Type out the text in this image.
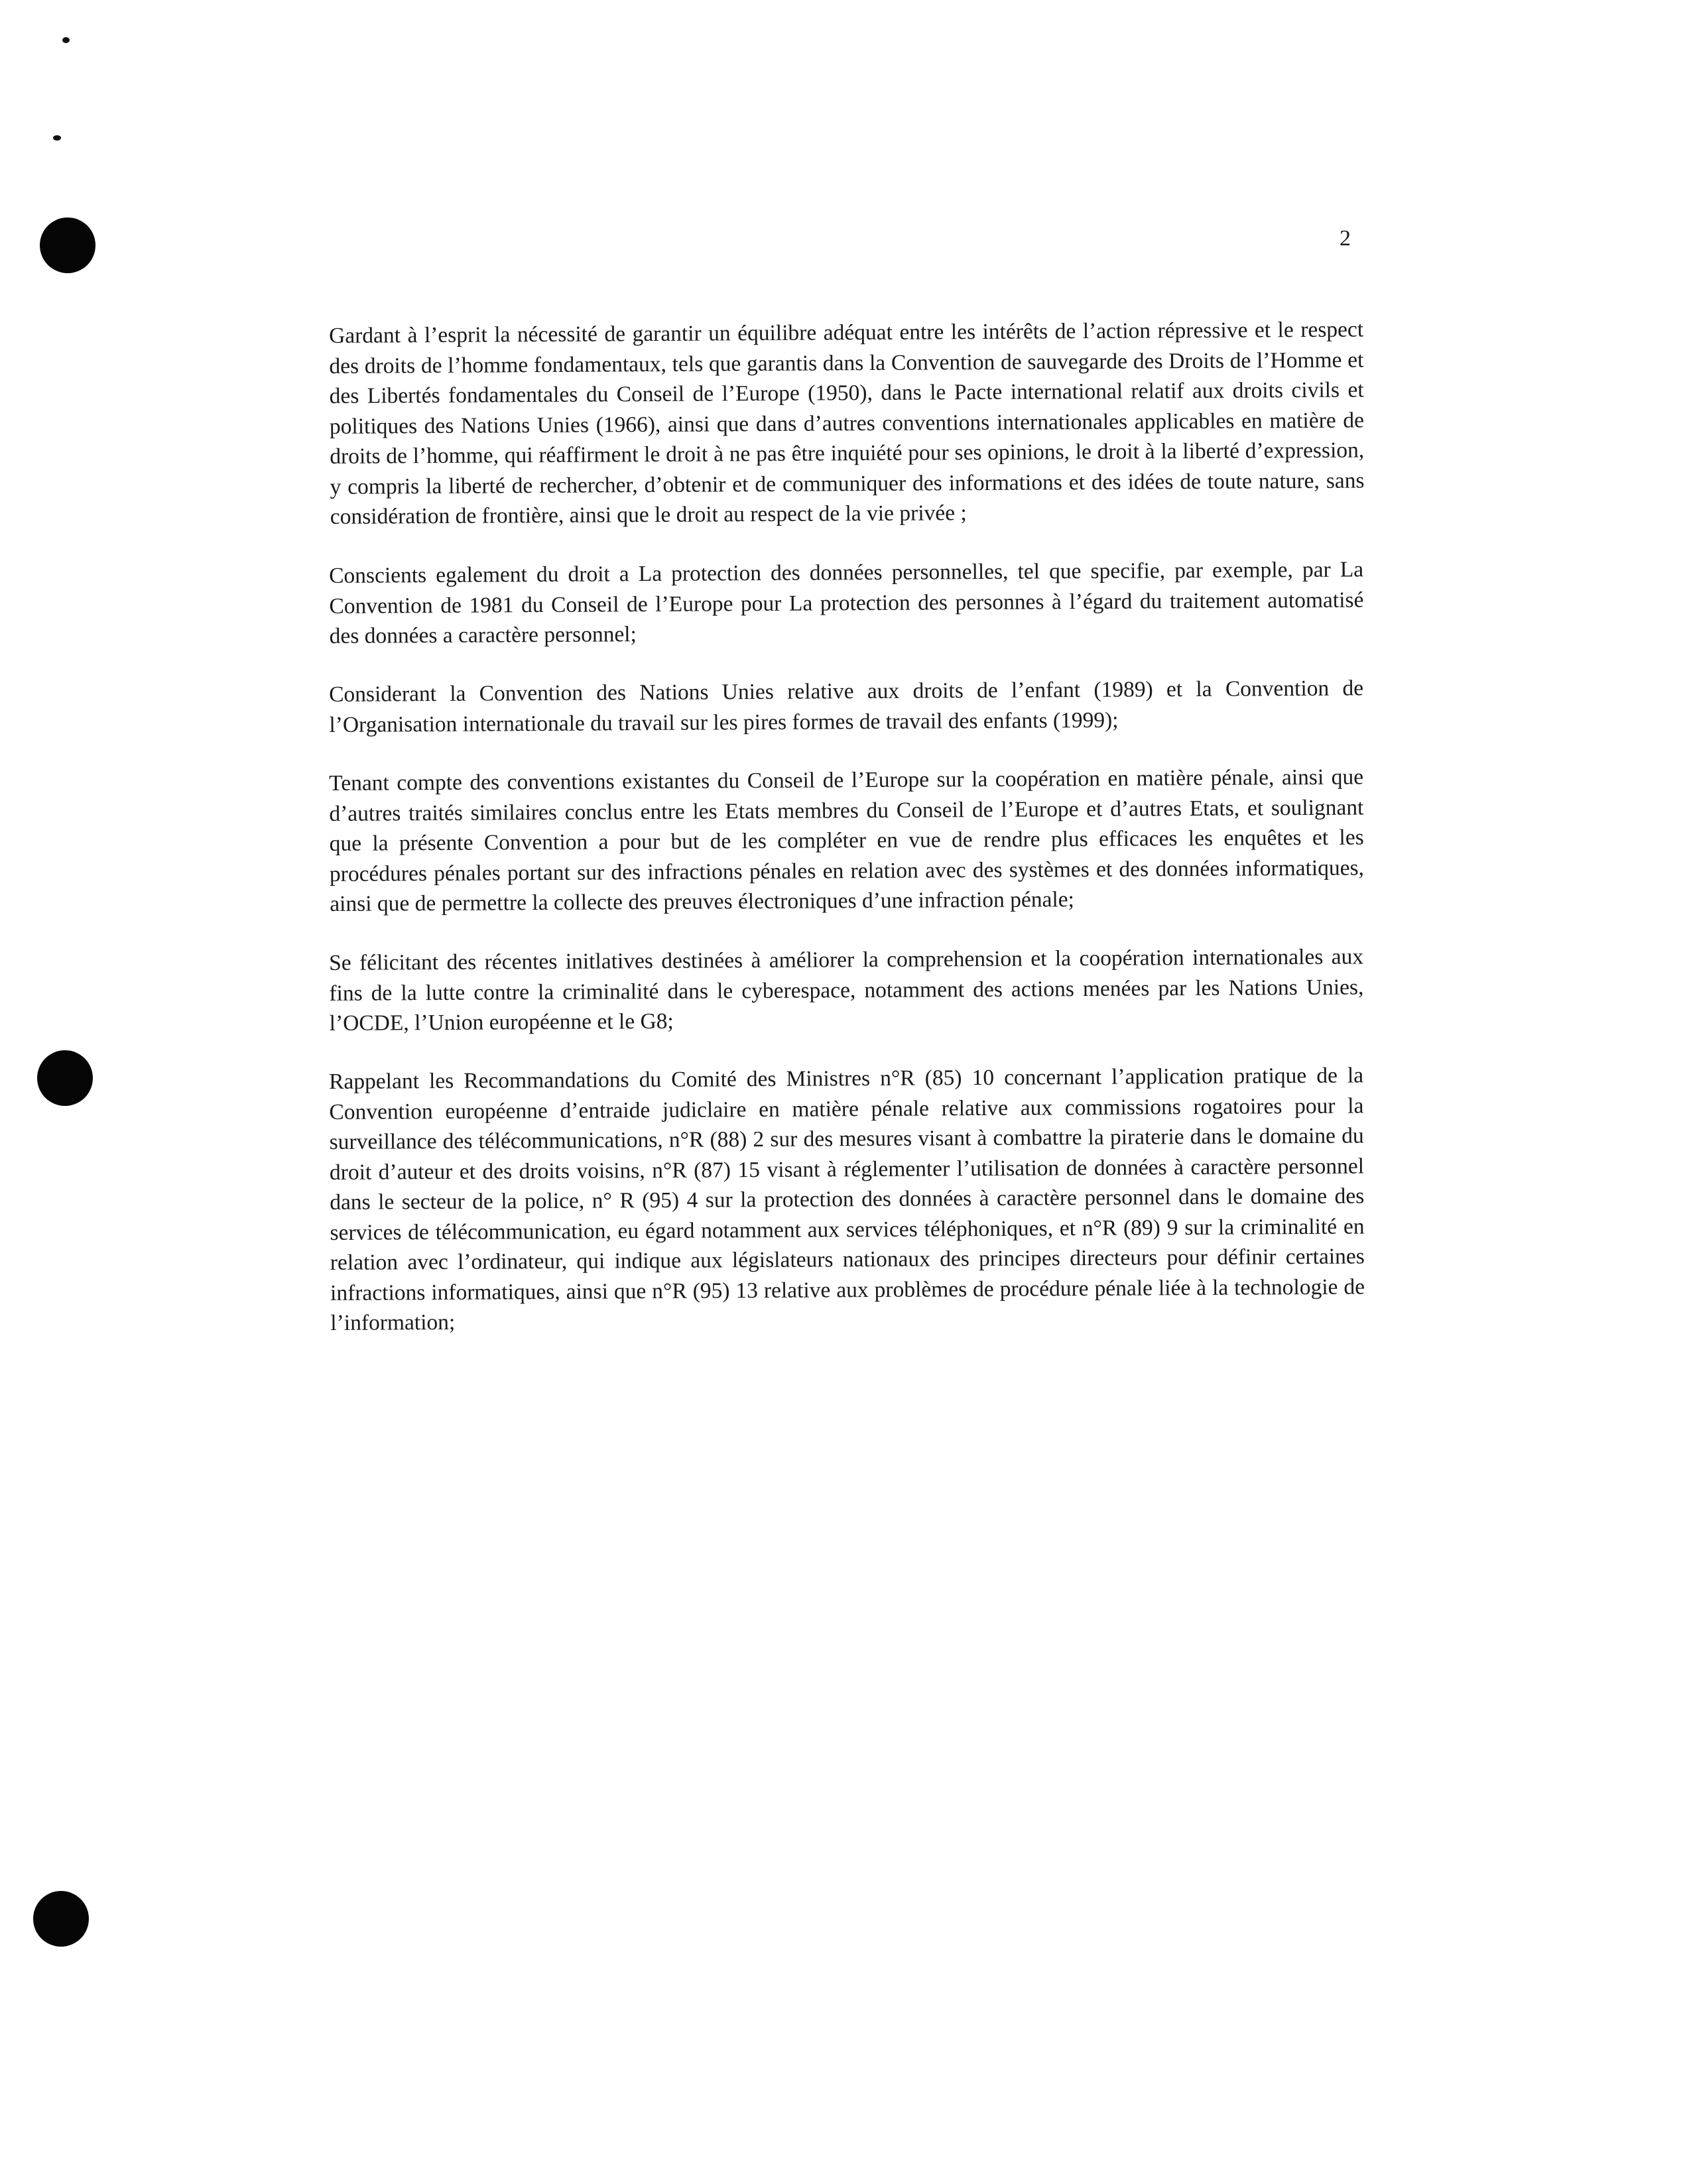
2

Gardant à l’esprit la nécessité de garantir un équilibre adéquat entre les intérêts de l’action répressive et le respect des droits de l’homme fondamentaux, tels que garantis dans la Convention de sauvegarde des Droits de l’Homme et des Libertés fondamentales du Conseil de l’Europe (1950), dans le Pacte international relatif aux droits civils et politiques des Nations Unies (1966), ainsi que dans d’autres conventions internationales applicables en matière de droits de l’homme, qui réaffirment le droit à ne pas être inquiété pour ses opinions, le droit à la liberté d’expression, y compris la liberté de rechercher, d’obtenir et de communiquer des informations et des idées de toute nature, sans considération de frontière, ainsi que le droit au respect de la vie privée ;

Conscients egalement du droit a La protection des données personnelles, tel que specifie, par exemple, par La Convention de 1981 du Conseil de l’Europe pour La protection des personnes à l’égard du traitement automatisé des données a caractère personnel;

Considerant la Convention des Nations Unies relative aux droits de l’enfant (1989) et la Convention de l’Organisation internationale du travail sur les pires formes de travail des enfants (1999);

Tenant compte des conventions existantes du Conseil de l’Europe sur la coopération en matière pénale, ainsi que d’autres traités similaires conclus entre les Etats membres du Conseil de l’Europe et d’autres Etats, et soulignant que la présente Convention a pour but de les compléter en vue de rendre plus efficaces les enquêtes et les procédures pénales portant sur des infractions pénales en relation avec des systèmes et des données informatiques, ainsi que de permettre la collecte des preuves électroniques d’une infraction pénale;

Se félicitant des récentes initlatives destinées à améliorer la comprehension et la coopération internationales aux fins de la lutte contre la criminalité dans le cyberespace, notamment des actions menées par les Nations Unies, l’OCDE, l’Union européenne et le G8;

Rappelant les Recommandations du Comité des Ministres n°R (85) 10 concernant l’application pratique de la Convention européenne d’entraide judiclaire en matière pénale relative aux commissions rogatoires pour la surveillance des télécommunications, n°R (88) 2 sur des mesures visant à combattre la piraterie dans le domaine du droit d’auteur et des droits voisins, n°R (87) 15 visant à réglementer l’utilisation de données à caractère personnel dans le secteur de la police, n° R (95) 4 sur la protection des données à caractère personnel dans le domaine des services de télécommunication, eu égard notamment aux services téléphoniques, et n°R (89) 9 sur la criminalité en relation avec l’ordinateur, qui indique aux législateurs nationaux des principes directeurs pour définir certaines infractions informatiques, ainsi que n°R (95) 13 relative aux problèmes de procédure pénale liée à la technologie de l’information;
